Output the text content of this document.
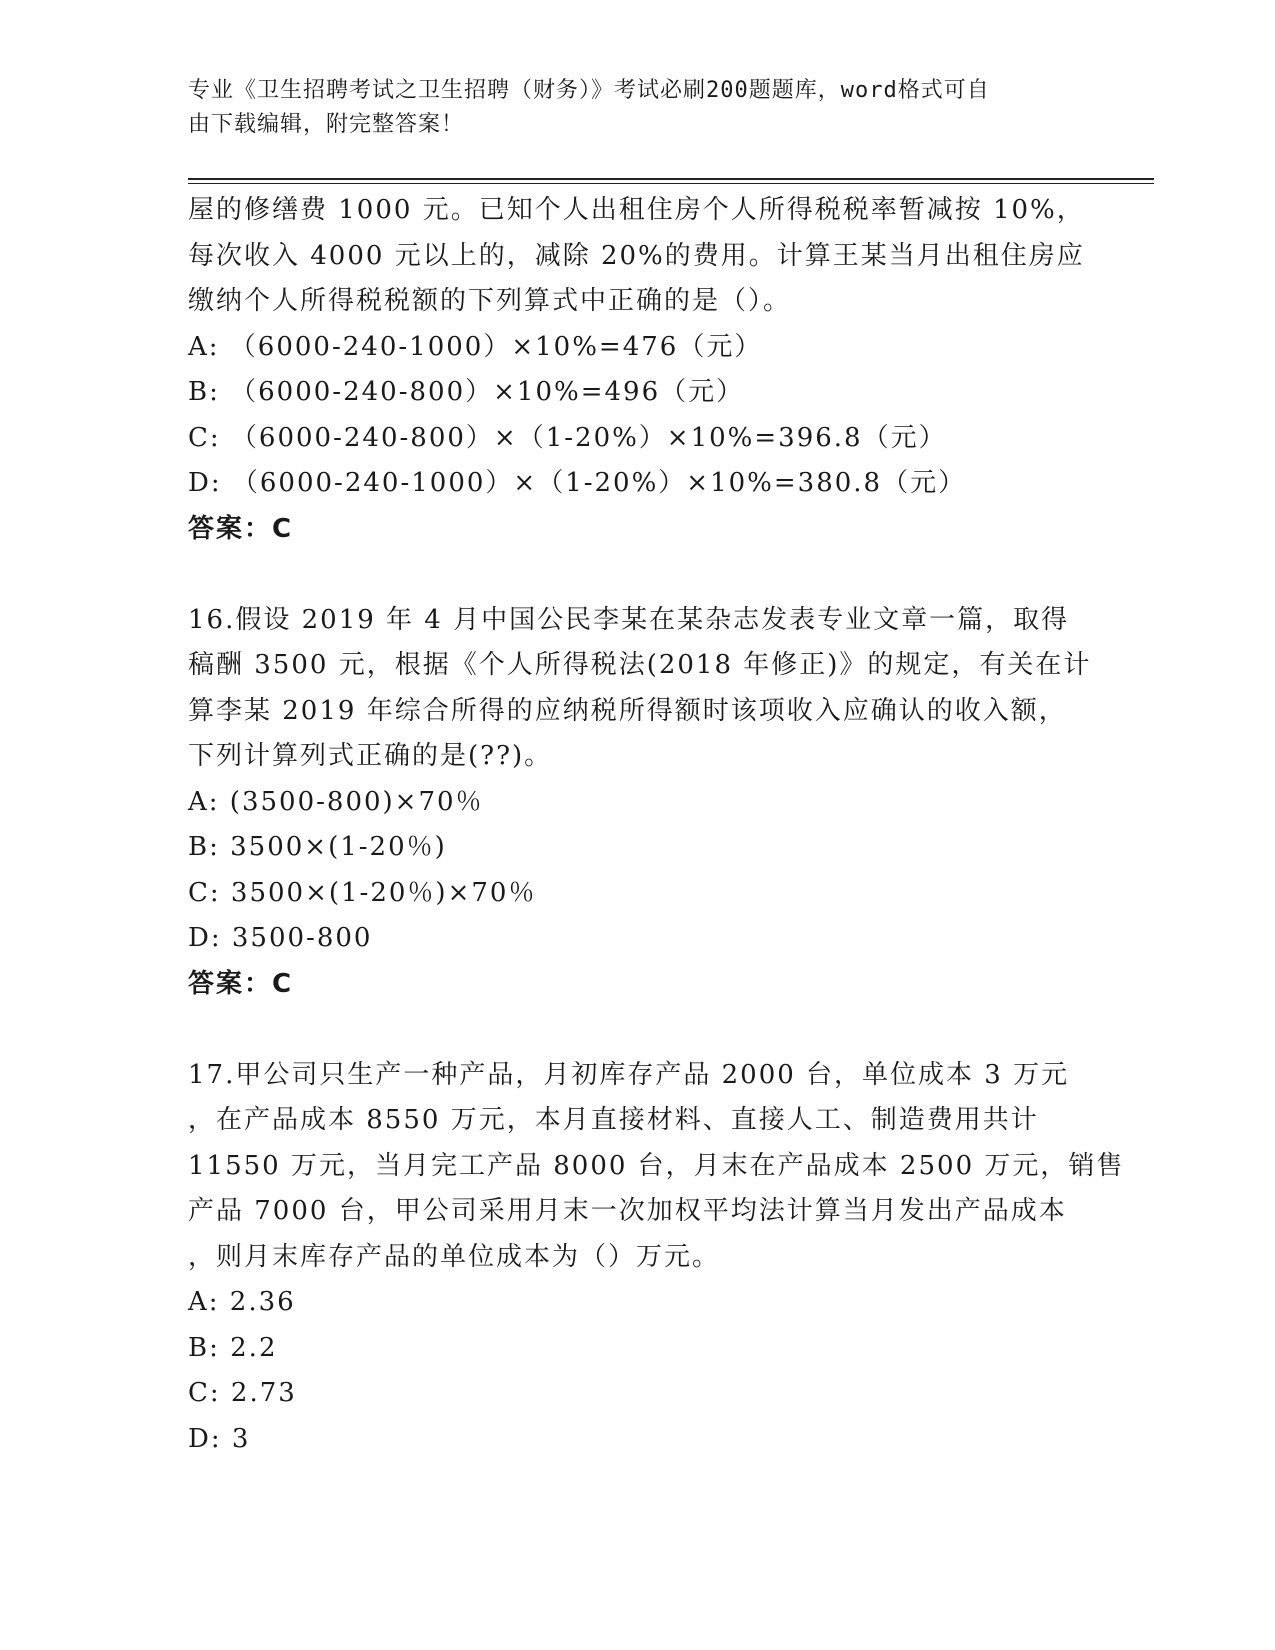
专业《卫生招聘考试之卫生招聘（财务）》考试必刷200题题库，word格式可自
由下载编辑，附完整答案！
屋的修缮费 1000 元。已知个人出租住房个人所得税税率暂减按 10%，
每次收入 4000 元以上的，减除 20%的费用。计算王某当月出租住房应
缴纳个人所得税税额的下列算式中正确的是（）。
A: （6000-240-1000）×10%=476（元）
B: （6000-240-800）×10%=496（元）
C: （6000-240-800）×（1-20%）×10%=396.8（元）
D: （6000-240-1000）×（1-20%）×10%=380.8（元）
答案：C
16.假设 2019 年 4 月中国公民李某在某杂志发表专业文章一篇，取得
稿酬 3500 元，根据《个人所得税法(2018 年修正)》的规定，有关在计
算李某 2019 年综合所得的应纳税所得额时该项收入应确认的收入额，
下列计算列式正确的是(??)。
A: (3500-800)×70％
B: 3500×(1-20％)
C: 3500×(1-20％)×70％
D: 3500-800
答案：C
17.甲公司只生产一种产品，月初库存产品 2000 台，单位成本 3 万元
，在产品成本 8550 万元，本月直接材料、直接人工、制造费用共计
11550 万元，当月完工产品 8000 台，月末在产品成本 2500 万元，销售
产品 7000 台，甲公司采用月末一次加权平均法计算当月发出产品成本
，则月末库存产品的单位成本为（）万元。
A: 2.36
B: 2.2
C: 2.73
D: 3
